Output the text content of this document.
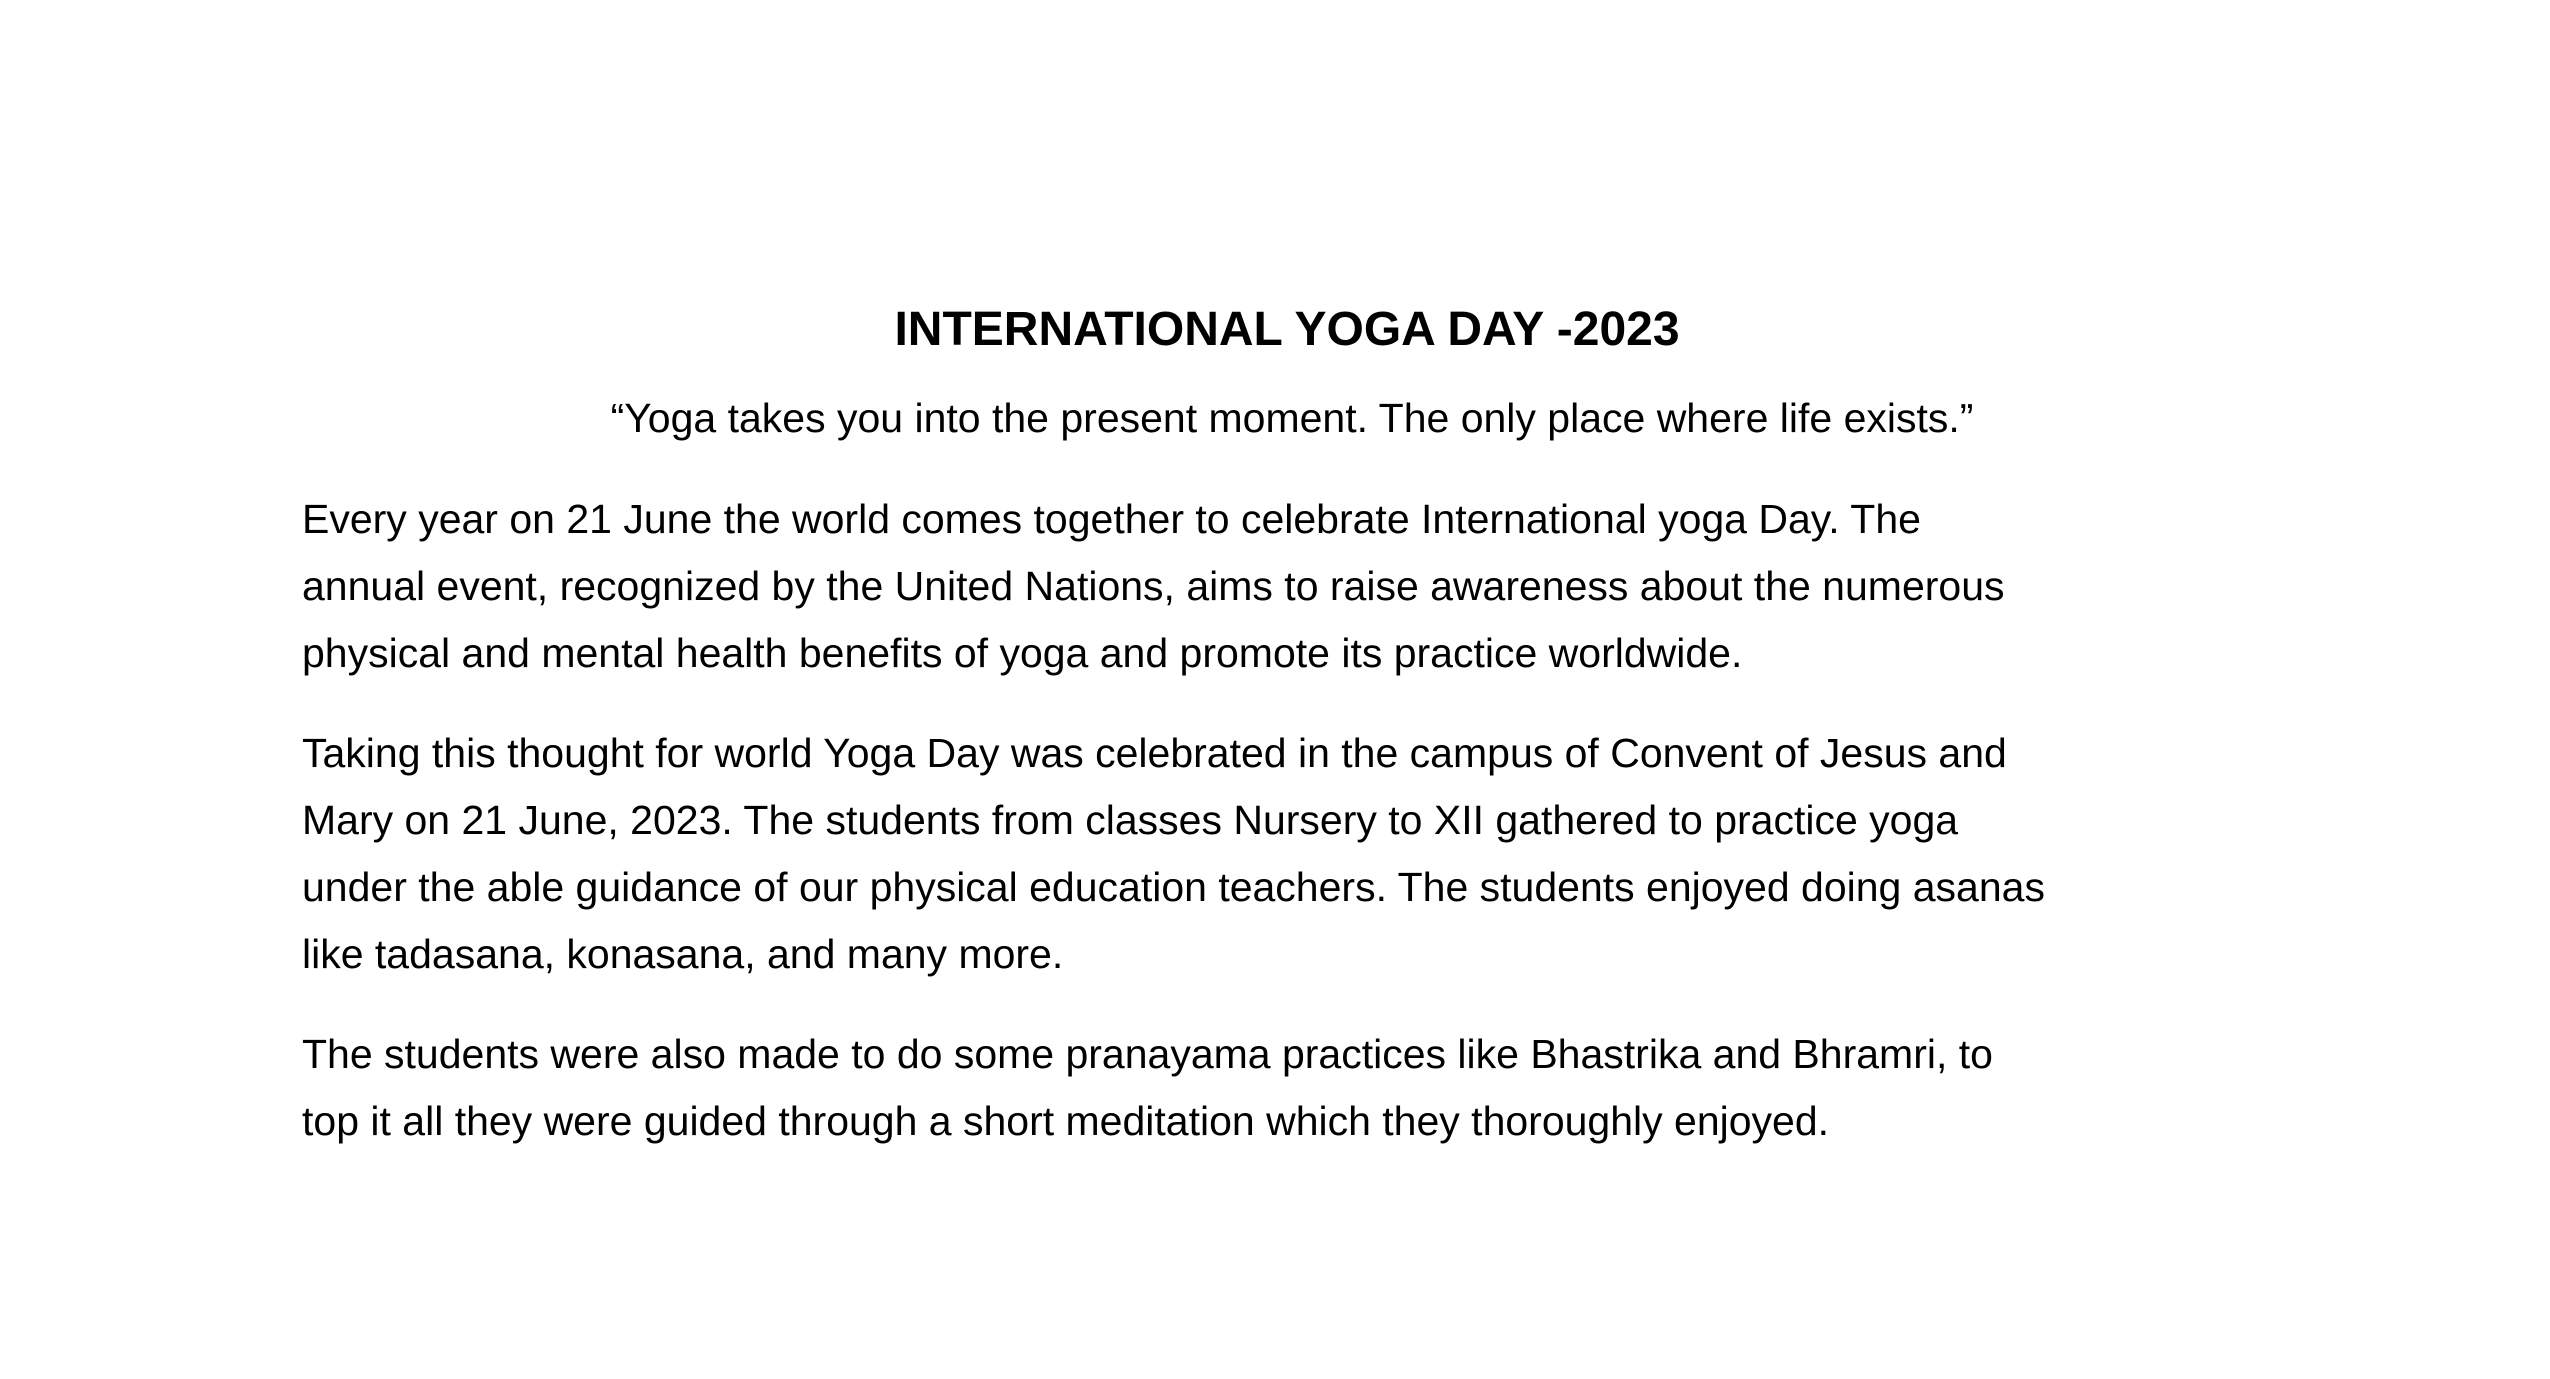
INTERNATIONAL YOGA DAY -2023

“Yoga takes you into the present moment. The only place where life exists.”

Every year on 21 June the world comes together to celebrate International yoga Day. The
annual event, recognized by the United Nations, aims to raise awareness about the numerous
physical and mental health benefits of yoga and promote its practice worldwide.

Taking this thought for world Yoga Day was celebrated in the campus of Convent of Jesus and
Mary on 21 June, 2023. The students from classes Nursery to XII gathered to practice yoga
under the able guidance of our physical education teachers. The students enjoyed doing asanas
like tadasana, konasana, and many more.

The students were also made to do some pranayama practices like Bhastrika and Bhramri, to
top it all they were guided through a short meditation which they thoroughly enjoyed.
